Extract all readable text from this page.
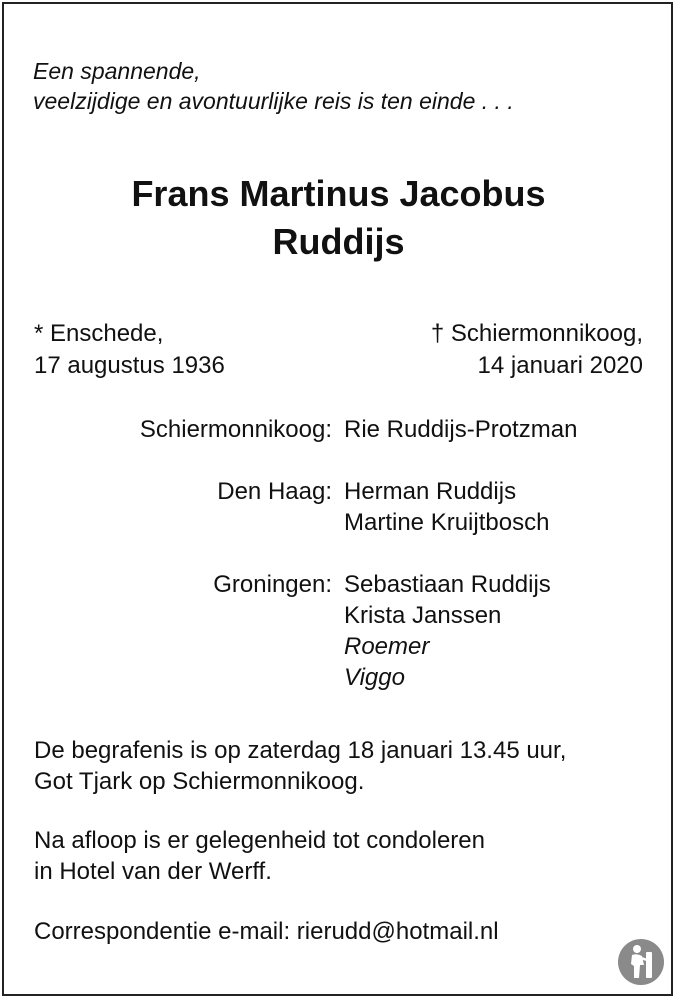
Een spannende,
veelzijdige en avontuurlijke reis is ten einde . . .
Frans Martinus Jacobus
Ruddijs
* Enschede,
17 augustus 1936
† Schiermonnikoog,
14 januari 2020
Schiermonnikoog: Rie Ruddijs-Protzman
Den Haag: Herman Ruddijs
Martine Kruijtbosch
Groningen: Sebastiaan Ruddijs
Krista Janssen
Roemer
Viggo
De begrafenis is op zaterdag 18 januari 13.45 uur,
Got Tjark op Schiermonnikoog.
Na afloop is er gelegenheid tot condoleren
in Hotel van der Werff.
Correspondentie e-mail: rierudd@hotmail.nl
